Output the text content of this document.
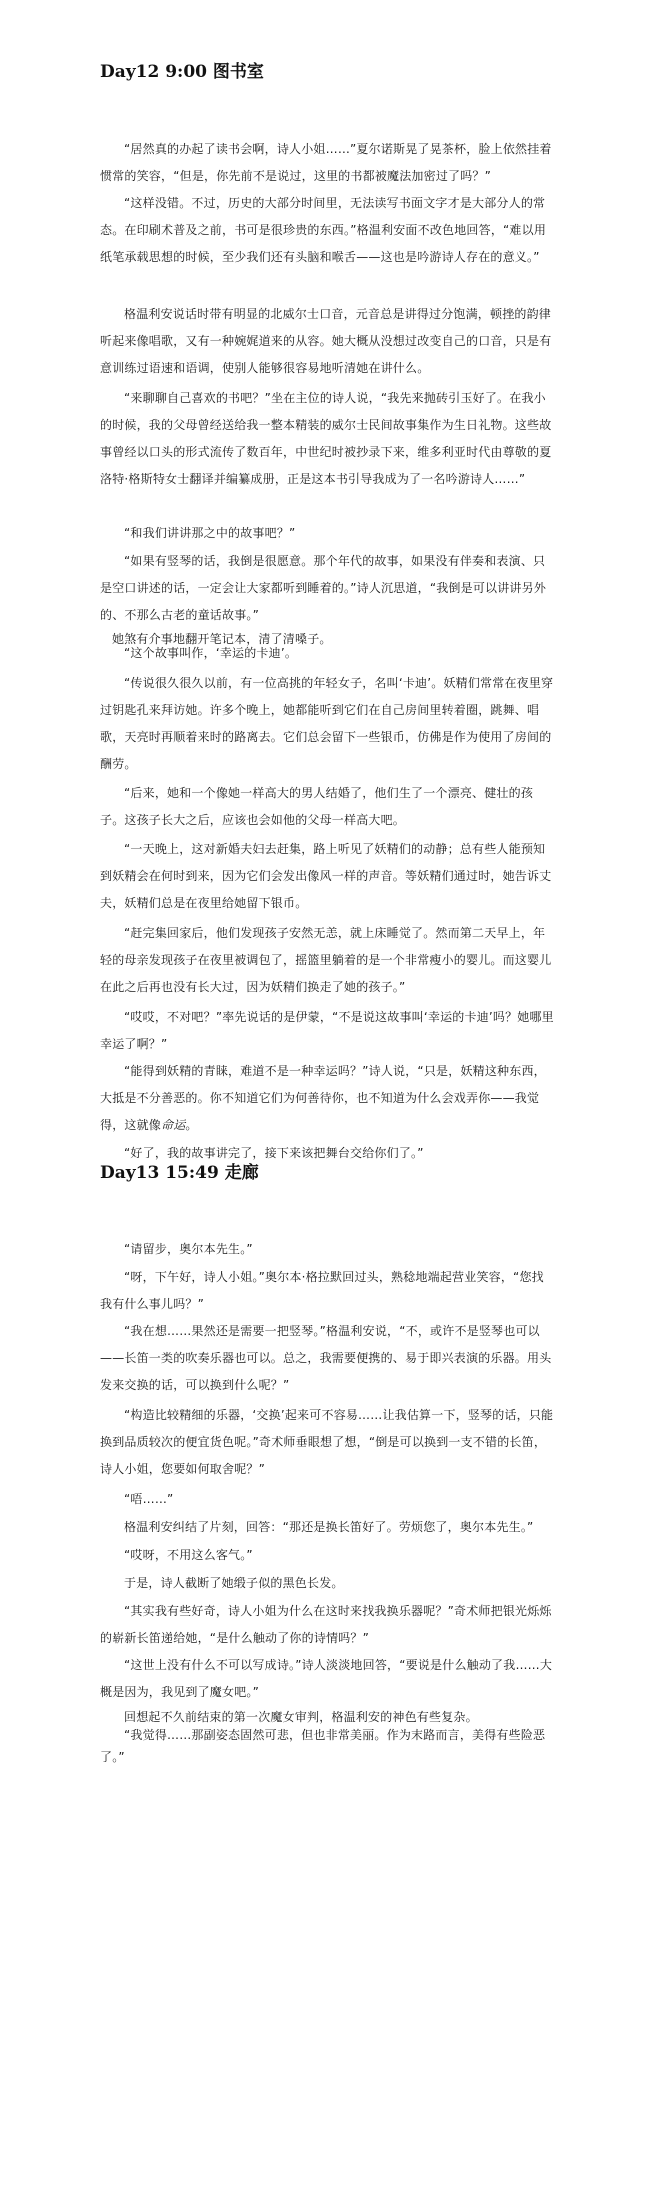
Day12 9:00 图书室

“居然真的办起了读书会啊，诗人小姐……”夏尔诺斯晃了晃茶杯，脸上依然挂着惯常的笑容，“但是，你先前不是说过，这里的书都被魔法加密过了吗？”

“这样没错。不过，历史的大部分时间里，无法读写书面文字才是大部分人的常态。在印刷术普及之前，书可是很珍贵的东西。”格温利安面不改色地回答，“难以用纸笔承载思想的时候，至少我们还有头脑和喉舌——这也是吟游诗人存在的意义。”

格温利安说话时带有明显的北威尔士口音，元音总是讲得过分饱满，顿挫的韵律听起来像唱歌，又有一种婉娓道来的从容。她大概从没想过改变自己的口音，只是有意训练过语速和语调，使别人能够很容易地听清她在讲什么。

“来聊聊自己喜欢的书吧？”坐在主位的诗人说，“我先来抛砖引玉好了。在我小的时候，我的父母曾经送给我一整本精装的威尔士民间故事集作为生日礼物。这些故事曾经以口头的形式流传了数百年，中世纪时被抄录下来，维多利亚时代由尊敬的夏洛特·格斯特女士翻译并编纂成册，正是这本书引导我成为了一名吟游诗人……”

“和我们讲讲那之中的故事吧？”

“如果有竖琴的话，我倒是很愿意。那个年代的故事，如果没有伴奏和表演、只是空口讲述的话，一定会让大家都听到睡着的。”诗人沉思道，“我倒是可以讲讲另外的、不那么古老的童话故事。”

她煞有介事地翻开笔记本，清了清嗓子。

“这个故事叫作，‘幸运的卡迪’。

“传说很久很久以前，有一位高挑的年轻女子，名叫‘卡迪’。妖精们常常在夜里穿过钥匙孔来拜访她。许多个晚上，她都能听到它们在自己房间里转着圈，跳舞、唱歌，天亮时再顺着来时的路离去。它们总会留下一些银币，仿佛是作为使用了房间的酬劳。

“后来，她和一个像她一样高大的男人结婚了，他们生了一个漂亮、健壮的孩子。这孩子长大之后，应该也会如他的父母一样高大吧。

“一天晚上，这对新婚夫妇去赶集，路上听见了妖精们的动静；总有些人能预知到妖精会在何时到来，因为它们会发出像风一样的声音。等妖精们通过时，她告诉丈夫，妖精们总是在夜里给她留下银币。

“赶完集回家后，他们发现孩子安然无恙，就上床睡觉了。然而第二天早上，年轻的母亲发现孩子在夜里被调包了，摇篮里躺着的是一个非常瘦小的婴儿。而这婴儿在此之后再也没有长大过，因为妖精们换走了她的孩子。”

“哎哎，不对吧？”率先说话的是伊蒙，“不是说这故事叫‘幸运的卡迪’吗？她哪里幸运了啊？”

“能得到妖精的青睐，难道不是一种幸运吗？”诗人说，“只是，妖精这种东西，大抵是不分善恶的。你不知道它们为何善待你，也不知道为什么会戏弄你——我觉得，这就像命运。

“好了，我的故事讲完了，接下来该把舞台交给你们了。”

Day13 15:49 走廊

“请留步，奥尔本先生。”

“呀，下午好，诗人小姐。”奥尔本·格拉默回过头，熟稔地端起营业笑容，“您找我有什么事儿吗？”

“我在想……果然还是需要一把竖琴。”格温利安说，“不，或许不是竖琴也可以——长笛一类的吹奏乐器也可以。总之，我需要便携的、易于即兴表演的乐器。用头发来交换的话，可以换到什么呢？”

“构造比较精细的乐器，‘交换’起来可不容易……让我估算一下，竖琴的话，只能换到品质较次的便宜货色呢。”奇术师垂眼想了想，“倒是可以换到一支不错的长笛，诗人小姐，您要如何取舍呢？”

“唔……”

格温利安纠结了片刻，回答：“那还是换长笛好了。劳烦您了，奥尔本先生。”

“哎呀，不用这么客气。”

于是，诗人截断了她缎子似的黑色长发。

“其实我有些好奇，诗人小姐为什么在这时来找我换乐器呢？”奇术师把银光烁烁的崭新长笛递给她，“是什么触动了你的诗情吗？”

“这世上没有什么不可以写成诗。”诗人淡淡地回答，“要说是什么触动了我……大概是因为，我见到了魔女吧。”

回想起不久前结束的第一次魔女审判，格温利安的神色有些复杂。

“我觉得……那副姿态固然可悲，但也非常美丽。作为末路而言，美得有些险恶了。”
